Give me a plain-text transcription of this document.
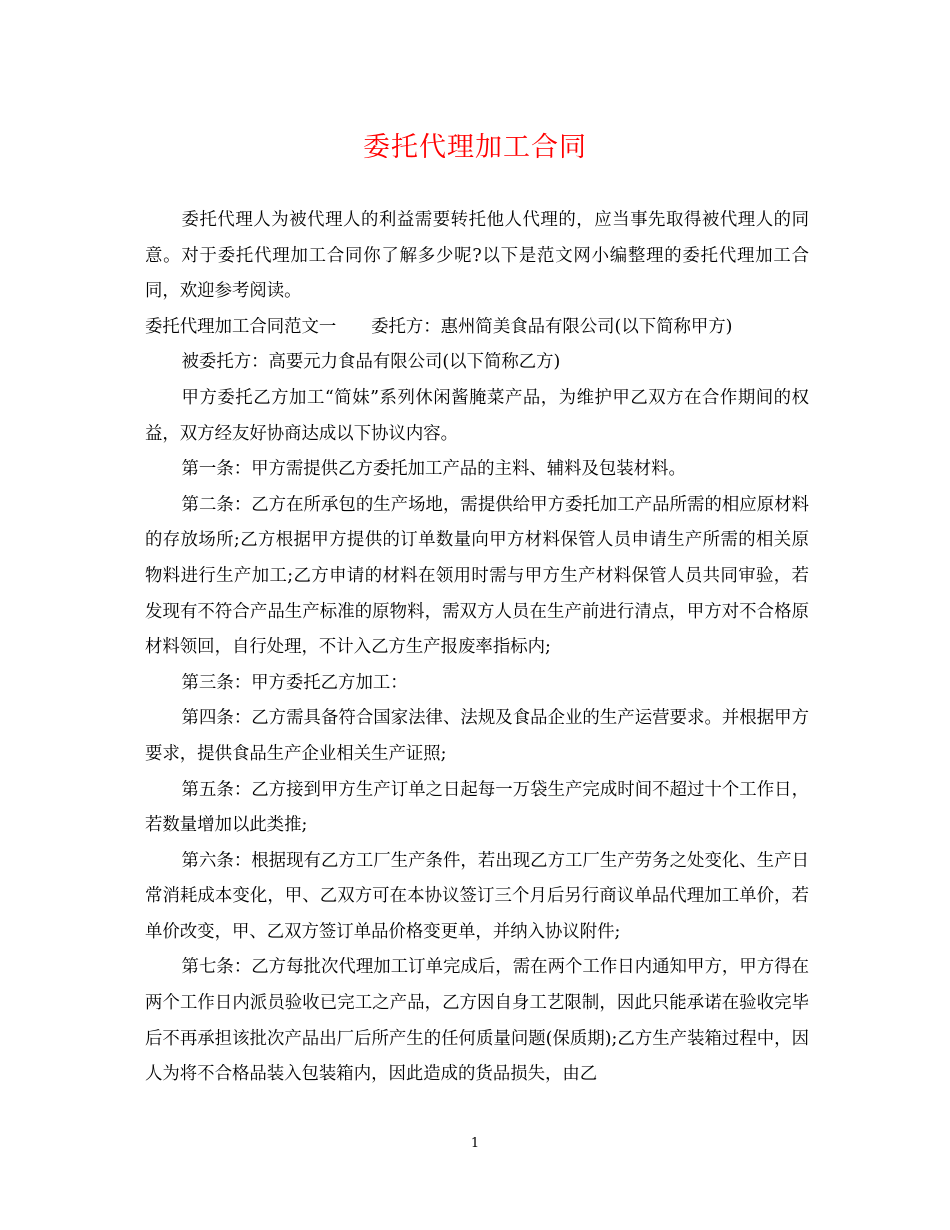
委托代理加工合同

委托代理人为被代理人的利益需要转托他人代理的，应当事先取得被代理人的同意。对于委托代理加工合同你了解多少呢?以下是范文网小编整理的委托代理加工合同，欢迎参考阅读。

委托代理加工合同范文一　　委托方：惠州简美食品有限公司(以下简称甲方)

被委托方：高要元力食品有限公司(以下简称乙方)

甲方委托乙方加工“简妹”系列休闲酱腌菜产品，为维护甲乙双方在合作期间的权益，双方经友好协商达成以下协议内容。

第一条：甲方需提供乙方委托加工产品的主料、辅料及包装材料。

第二条：乙方在所承包的生产场地，需提供给甲方委托加工产品所需的相应原材料的存放场所;乙方根据甲方提供的订单数量向甲方材料保管人员申请生产所需的相关原物料进行生产加工;乙方申请的材料在领用时需与甲方生产材料保管人员共同审验，若发现有不符合产品生产标准的原物料，需双方人员在生产前进行清点，甲方对不合格原材料领回，自行处理，不计入乙方生产报废率指标内;

第三条：甲方委托乙方加工：

第四条：乙方需具备符合国家法律、法规及食品企业的生产运营要求。并根据甲方要求，提供食品生产企业相关生产证照;

第五条：乙方接到甲方生产订单之日起每一万袋生产完成时间不超过十个工作日，若数量增加以此类推;

第六条：根据现有乙方工厂生产条件，若出现乙方工厂生产劳务之处变化、生产日常消耗成本变化，甲、乙双方可在本协议签订三个月后另行商议单品代理加工单价，若单价改变，甲、乙双方签订单品价格变更单，并纳入协议附件;

第七条：乙方每批次代理加工订单完成后，需在两个工作日内通知甲方，甲方得在两个工作日内派员验收已完工之产品，乙方因自身工艺限制，因此只能承诺在验收完毕后不再承担该批次产品出厂后所产生的任何质量问题(保质期);乙方生产装箱过程中，因人为将不合格品装入包装箱内，因此造成的货品损失，由乙

1
